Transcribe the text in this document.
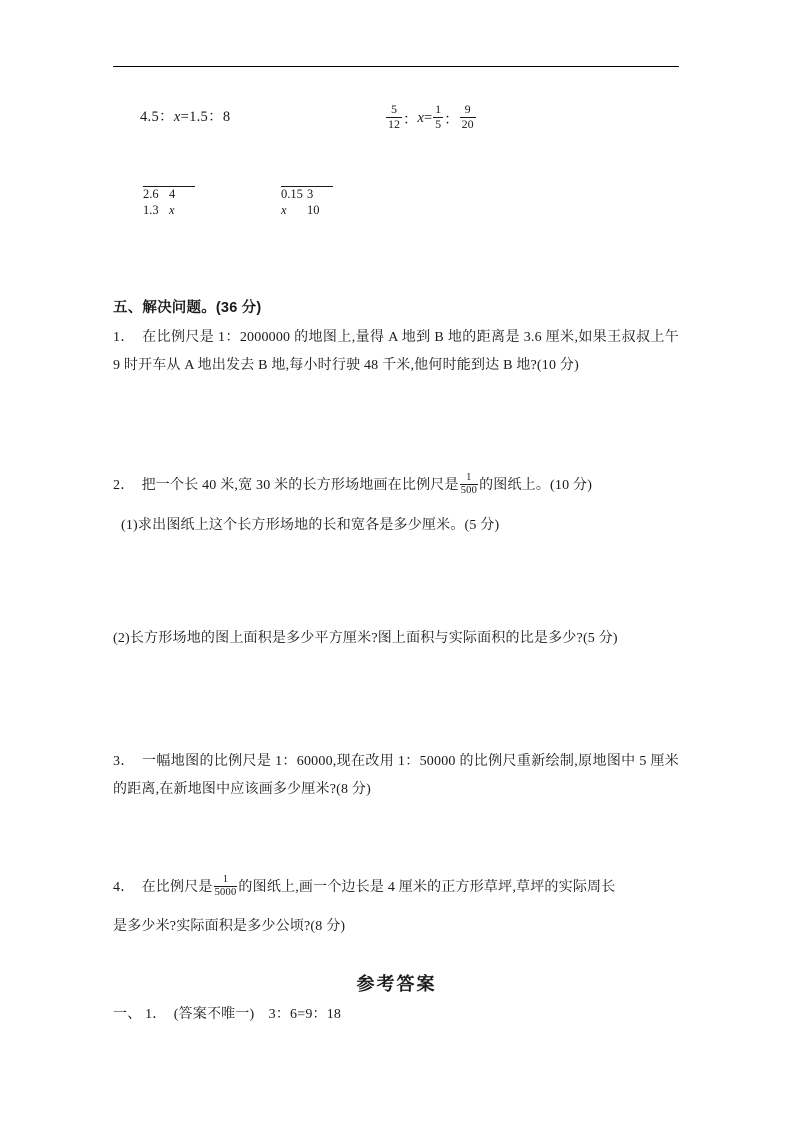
4.5：x=1.5：8	$\frac{5}{12}$ ： $x = \frac{1}{5}$ ： $\frac{9}{20}$
2.6 4
1.3 x
0.15 3
x 10
五、解决问题。(36 分)
1．　在比例尺是 1：2000000 的地图上,量得 A 地到 B 地的距离是 3.6 厘米,如果王叔叔上午 9 时开车从 A 地出发去 B 地,每小时行驶 48 千米,他何时能到达 B 地?(10 分)
2．　把一个长 40 米,宽 30 米的长方形场地画在比例尺是 $\frac{1}{500}$ 的图纸上。(10 分)
(1)求出图纸上这个长方形场地的长和宽各是多少厘米。(5 分)
(2)长方形场地的图上面积是多少平方厘米?图上面积与实际面积的比是多少?(5 分)
3．　一幅地图的比例尺是 1：60000,现在改用 1：50000 的比例尺重新绘制,原地图中 5 厘米的距离,在新地图中应该画多少厘米?(8 分)
4．　在比例尺是 $\frac{1}{5000}$ 的图纸上,画一个边长是 4 厘米的正方形草坪,草坪的实际周长
是多少米?实际面积是多少公顷?(8 分)
参考答案
一、 1．　(答案不唯一)　3：6=9：18
